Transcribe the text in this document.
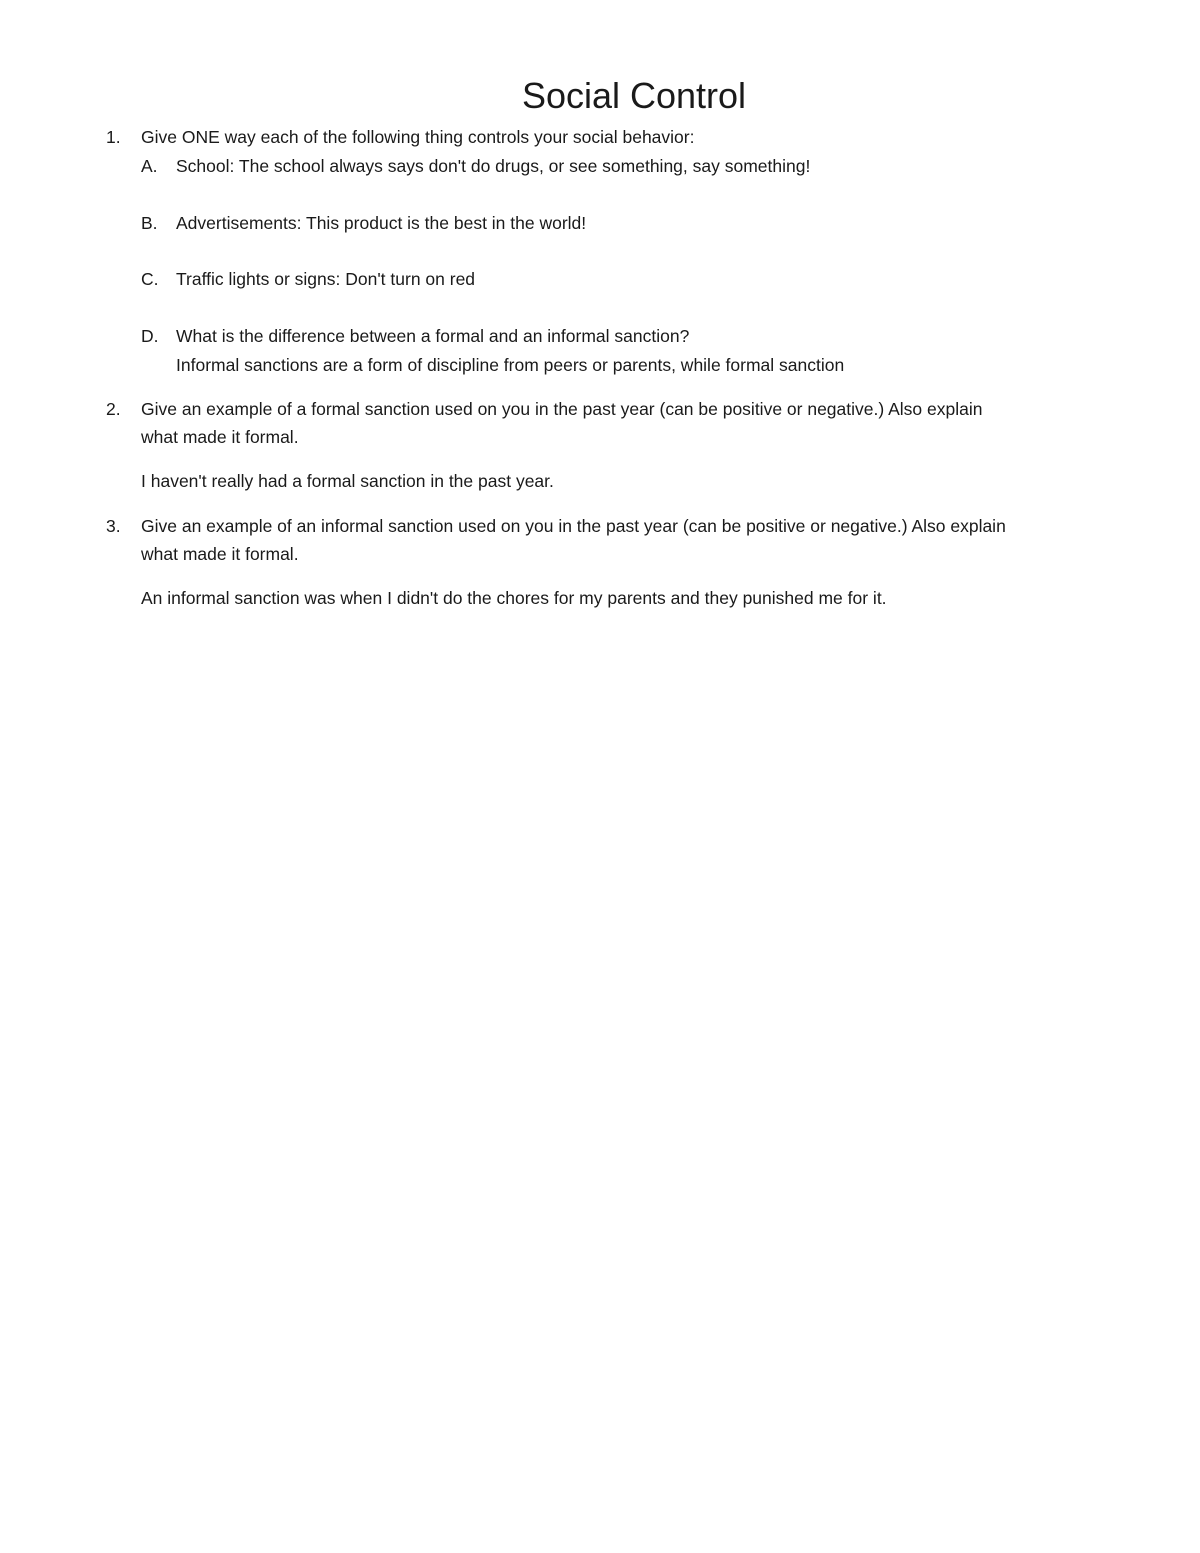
Social Control
1. Give ONE way each of the following thing controls your social behavior:
A. School: The school always says don't do drugs, or see something, say something!
B. Advertisements: This product is the best in the world!
C. Traffic lights or signs: Don't turn on red
D. What is the difference between a formal and an informal sanction?
Informal sanctions are a form of discipline from peers or parents, while formal sanction
2. Give an example of a formal sanction used on you in the past year (can be positive or negative.) Also explain
what made it formal.
I haven't really had a formal sanction in the past year.
3. Give an example of an informal sanction used on you in the past year (can be positive or negative.) Also explain
what made it formal.
An informal sanction was when I didn't do the chores for my parents and they punished me for it.
